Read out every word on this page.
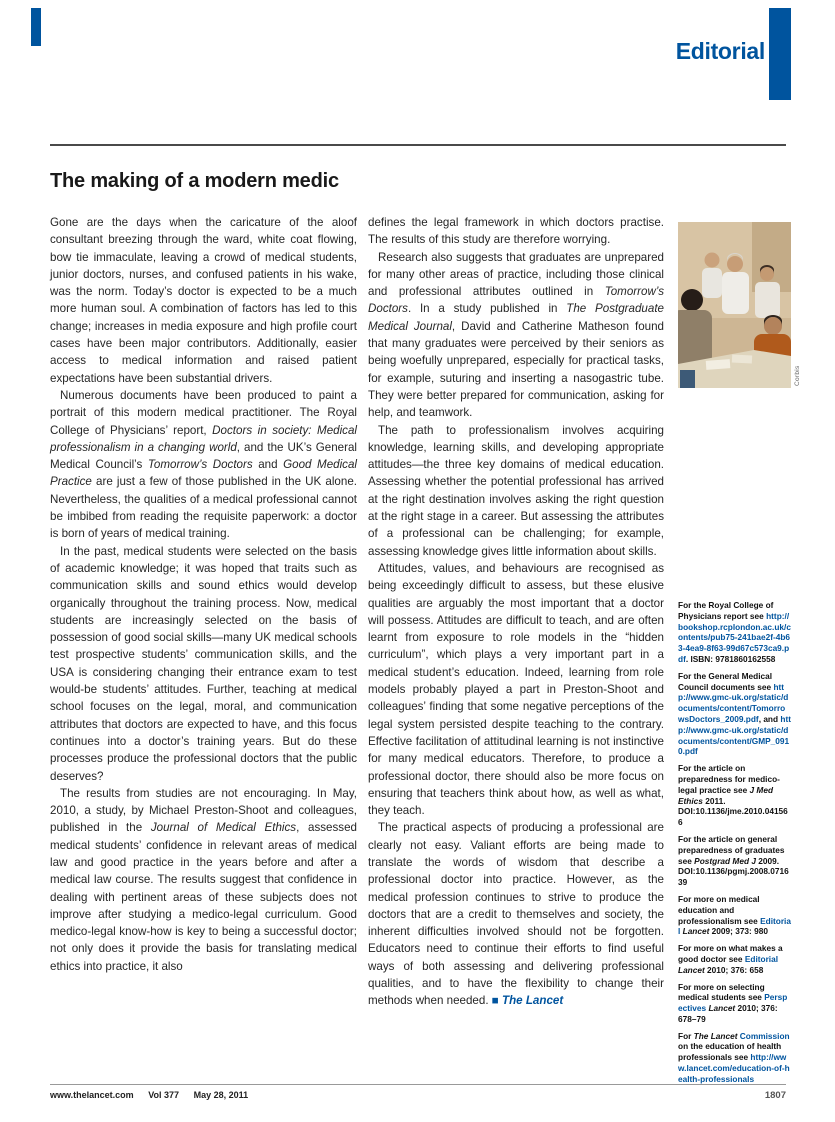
Editorial
The making of a modern medic

Gone are the days when the caricature of the aloof consultant breezing through the ward, white coat flowing, bow tie immaculate, leaving a crowd of medical students, junior doctors, nurses, and confused patients in his wake, was the norm. Today’s doctor is expected to be a much more human soul. A combination of factors has led to this change; increases in media exposure and high profile court cases have been major contributors. Additionally, easier access to medical information and raised patient expectations have been substantial drivers.

Numerous documents have been produced to paint a portrait of this modern medical practitioner. The Royal College of Physicians’ report, Doctors in society: Medical professionalism in a changing world, and the UK’s General Medical Council’s Tomorrow’s Doctors and Good Medical Practice are just a few of those published in the UK alone. Nevertheless, the qualities of a medical professional cannot be imbibed from reading the requisite paperwork: a doctor is born of years of medical training.

In the past, medical students were selected on the basis of academic knowledge; it was hoped that traits such as communication skills and sound ethics would develop organically throughout the training process. Now, medical students are increasingly selected on the basis of possession of good social skills—many UK medical schools test prospective students’ communication skills, and the USA is considering changing their entrance exam to test would-be students’ attitudes. Further, teaching at medical school focuses on the legal, moral, and communication attributes that doctors are expected to have, and this focus continues into a doctor’s training years. But do these processes produce the professional doctors that the public deserves?

The results from studies are not encouraging. In May, 2010, a study, by Michael Preston-Shoot and colleagues, published in the Journal of Medical Ethics, assessed medical students’ confidence in relevant areas of medical law and good practice in the years before and after a medical law course. The results suggest that confidence in dealing with pertinent areas of these subjects does not improve after studying a medico-legal curriculum. Good medico-legal know-how is key to being a successful doctor; not only does it provide the basis for translating medical ethics into practice, it also

defines the legal framework in which doctors practise. The results of this study are therefore worrying.

Research also suggests that graduates are unprepared for many other areas of practice, including those clinical and professional attributes outlined in Tomorrow’s Doctors. In a study published in The Postgraduate Medical Journal, David and Catherine Matheson found that many graduates were perceived by their seniors as being woefully unprepared, especially for practical tasks, for example, suturing and inserting a nasogastric tube. They were better prepared for communication, asking for help, and teamwork.

The path to professionalism involves acquiring knowledge, learning skills, and developing appropriate attitudes—the three key domains of medical education. Assessing whether the potential professional has arrived at the right destination involves asking the right question at the right stage in a career. But assessing the attributes of a professional can be challenging; for example, assessing knowledge gives little information about skills.

Attitudes, values, and behaviours are recognised as being exceedingly difficult to assess, but these elusive qualities are arguably the most important that a doctor will possess. Attitudes are difficult to teach, and are often learnt from exposure to role models in the “hidden curriculum”, which plays a very important part in a medical student’s education. Indeed, learning from role models probably played a part in Preston-Shoot and colleagues’ finding that some negative perceptions of the legal system persisted despite teaching to the contrary. Effective facilitation of attitudinal learning is not instinctive for many medical educators. Therefore, to produce a professional doctor, there should also be more focus on ensuring that teachers think about how, as well as what, they teach.

The practical aspects of producing a professional are clearly not easy. Valiant efforts are being made to translate the words of wisdom that describe a professional doctor into practice. However, as the medical profession continues to strive to produce the doctors that are a credit to themselves and society, the inherent difficulties involved should not be forgotten. Educators need to continue their efforts to find useful ways of both assessing and delivering professional qualities, and to have the flexibility to change their methods when needed. ■ The Lancet

Corbis

For the Royal College of Physicians report see http://bookshop.rcplondon.ac.uk/contents/pub75-241bae2f-4b63-4ea9-8f63-99d67c573ca9.pdf. ISBN: 9781860162558

For the General Medical Council documents see http://www.gmc-uk.org/static/documents/content/TomorrowsDoctors_2009.pdf, and http://www.gmc-uk.org/static/documents/content/GMP_0910.pdf

For the article on preparedness for medico-legal practice see J Med Ethics 2011. DOI:10.1136/jme.2010.041566

For the article on general preparedness of graduates see Postgrad Med J 2009. DOI:10.1136/pgmj.2008.071639

For more on medical education and professionalism see Editorial Lancet 2009; 373: 980

For more on what makes a good doctor see Editorial Lancet 2010; 376: 658

For more on selecting medical students see Perspectives Lancet 2010; 376: 678–79

For The Lancet Commission on the education of health professionals see http://www.lancet.com/education-of-health-professionals

www.thelancet.com Vol 377 May 28, 2011	1807
